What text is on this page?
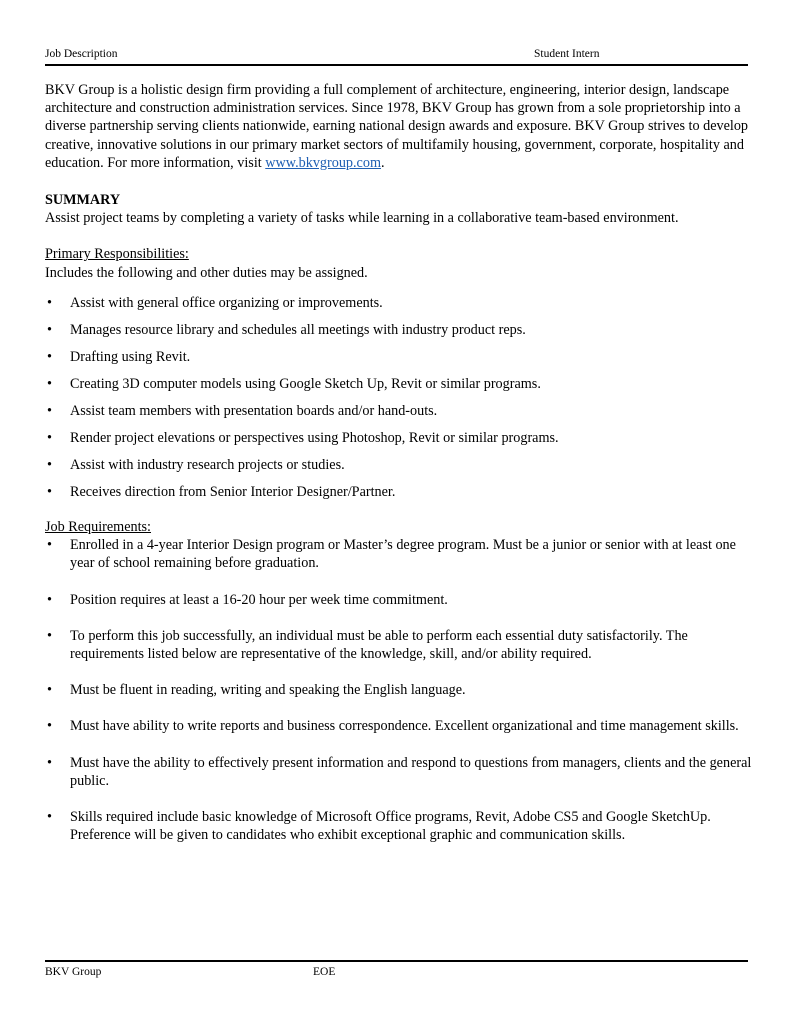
Job Description	Student Intern

BKV Group is a holistic design firm providing a full complement of architecture, engineering, interior design, landscape architecture and construction administration services. Since 1978, BKV Group has grown from a sole proprietorship into a diverse partnership serving clients nationwide, earning national design awards and exposure. BKV Group strives to develop creative, innovative solutions in our primary market sectors of multifamily housing, government, corporate, hospitality and education. For more information, visit www.bkvgroup.com.

SUMMARY

Assist project teams by completing a variety of tasks while learning in a collaborative team-based environment.

Primary Responsibilities:

Includes the following and other duties may be assigned.

• Assist with general office organizing or improvements.
• Manages resource library and schedules all meetings with industry product reps.
• Drafting using Revit.
• Creating 3D computer models using Google Sketch Up, Revit or similar programs.
• Assist team members with presentation boards and/or hand-outs.
• Render project elevations or perspectives using Photoshop, Revit or similar programs.
• Assist with industry research projects or studies.
• Receives direction from Senior Interior Designer/Partner.

Job Requirements:

• Enrolled in a 4-year Interior Design program or Master’s degree program. Must be a junior or senior with at least one year of school remaining before graduation.
• Position requires at least a 16-20 hour per week time commitment.
• To perform this job successfully, an individual must be able to perform each essential duty satisfactorily. The requirements listed below are representative of the knowledge, skill, and/or ability required.
• Must be fluent in reading, writing and speaking the English language.
• Must have ability to write reports and business correspondence. Excellent organizational and time management skills.
• Must have the ability to effectively present information and respond to questions from managers, clients and the general public.
• Skills required include basic knowledge of Microsoft Office programs, Revit, Adobe CS5 and Google SketchUp. Preference will be given to candidates who exhibit exceptional graphic and communication skills.
BKV Group	EOE
